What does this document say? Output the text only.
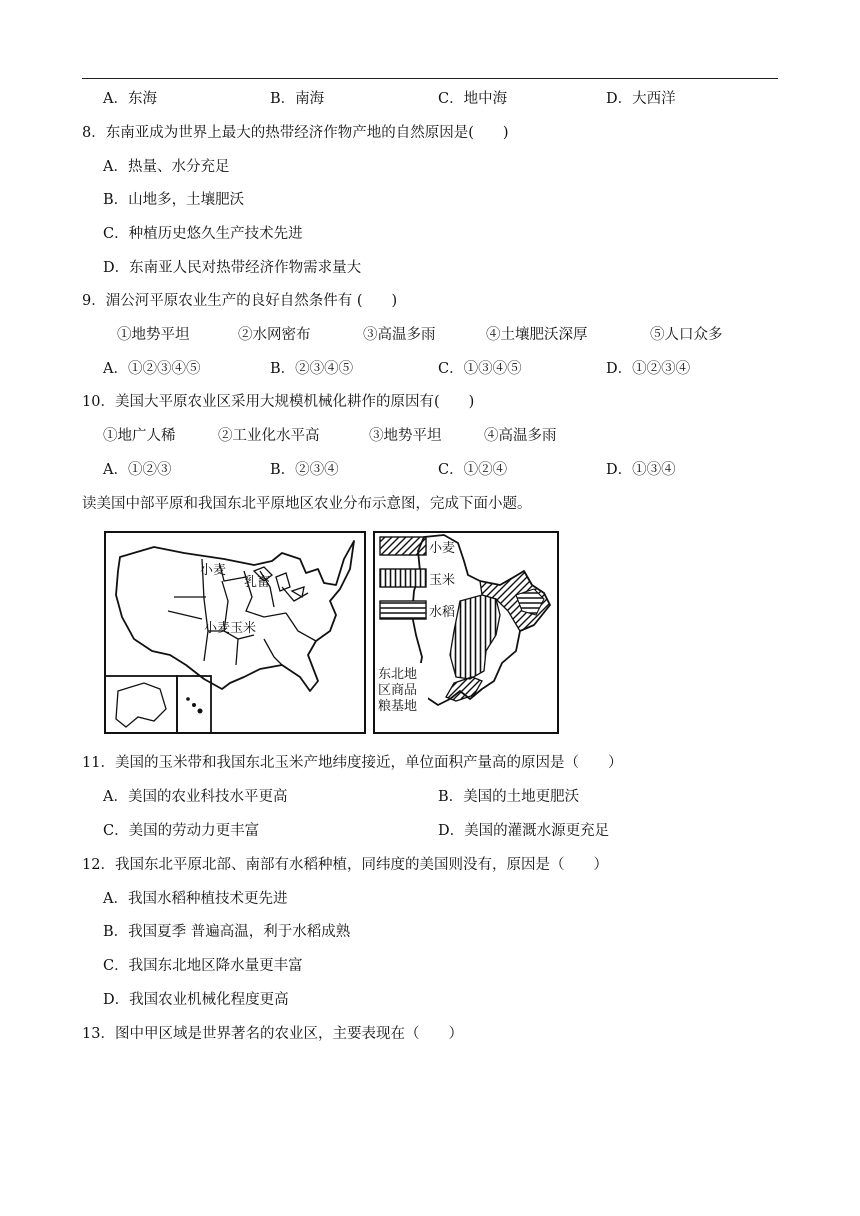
A．东海	B．南海	C．地中海	D．大西洋
8．东南亚成为世界上最大的热带经济作物产地的自然原因是(　　)
A．热量、水分充足
B．山地多，土壤肥沃
C．种植历史悠久生产技术先进
D．东南亚人民对热带经济作物需求量大
9．湄公河平原农业生产的良好自然条件有 (　　)
①地势平坦	②水网密布	③高温多雨	④土壤肥沃深厚	⑤人口众多
A．①②③④⑤	B．②③④⑤	C．①③④⑤	D．①②③④
10．美国大平原农业区采用大规模机械化耕作的原因有(　　)
①地广人稀	②工业化水平高	③地势平坦	④高温多雨
A．①②③	B．②③④	C．①②④	D．①③④
读美国中部平原和我国东北平原地区农业分布示意图，完成下面小题。
小麦
乳畜
小麦玉米
小麦
玉米
水稻
东北地
区商品
粮基地
11．美国的玉米带和我国东北玉米产地纬度接近，单位面积产量高的原因是（　　）
A．美国的农业科技水平更高	B．美国的土地更肥沃
C．美国的劳动力更丰富	D．美国的灌溉水源更充足
12．我国东北平原北部、南部有水稻种植，同纬度的美国则没有，原因是（　　）
A．我国水稻种植技术更先进
B．我国夏季 普遍高温，利于水稻成熟
C．我国东北地区降水量更丰富
D．我国农业机械化程度更高
13．图中甲区域是世界著名的农业区，主要表现在（　　）
